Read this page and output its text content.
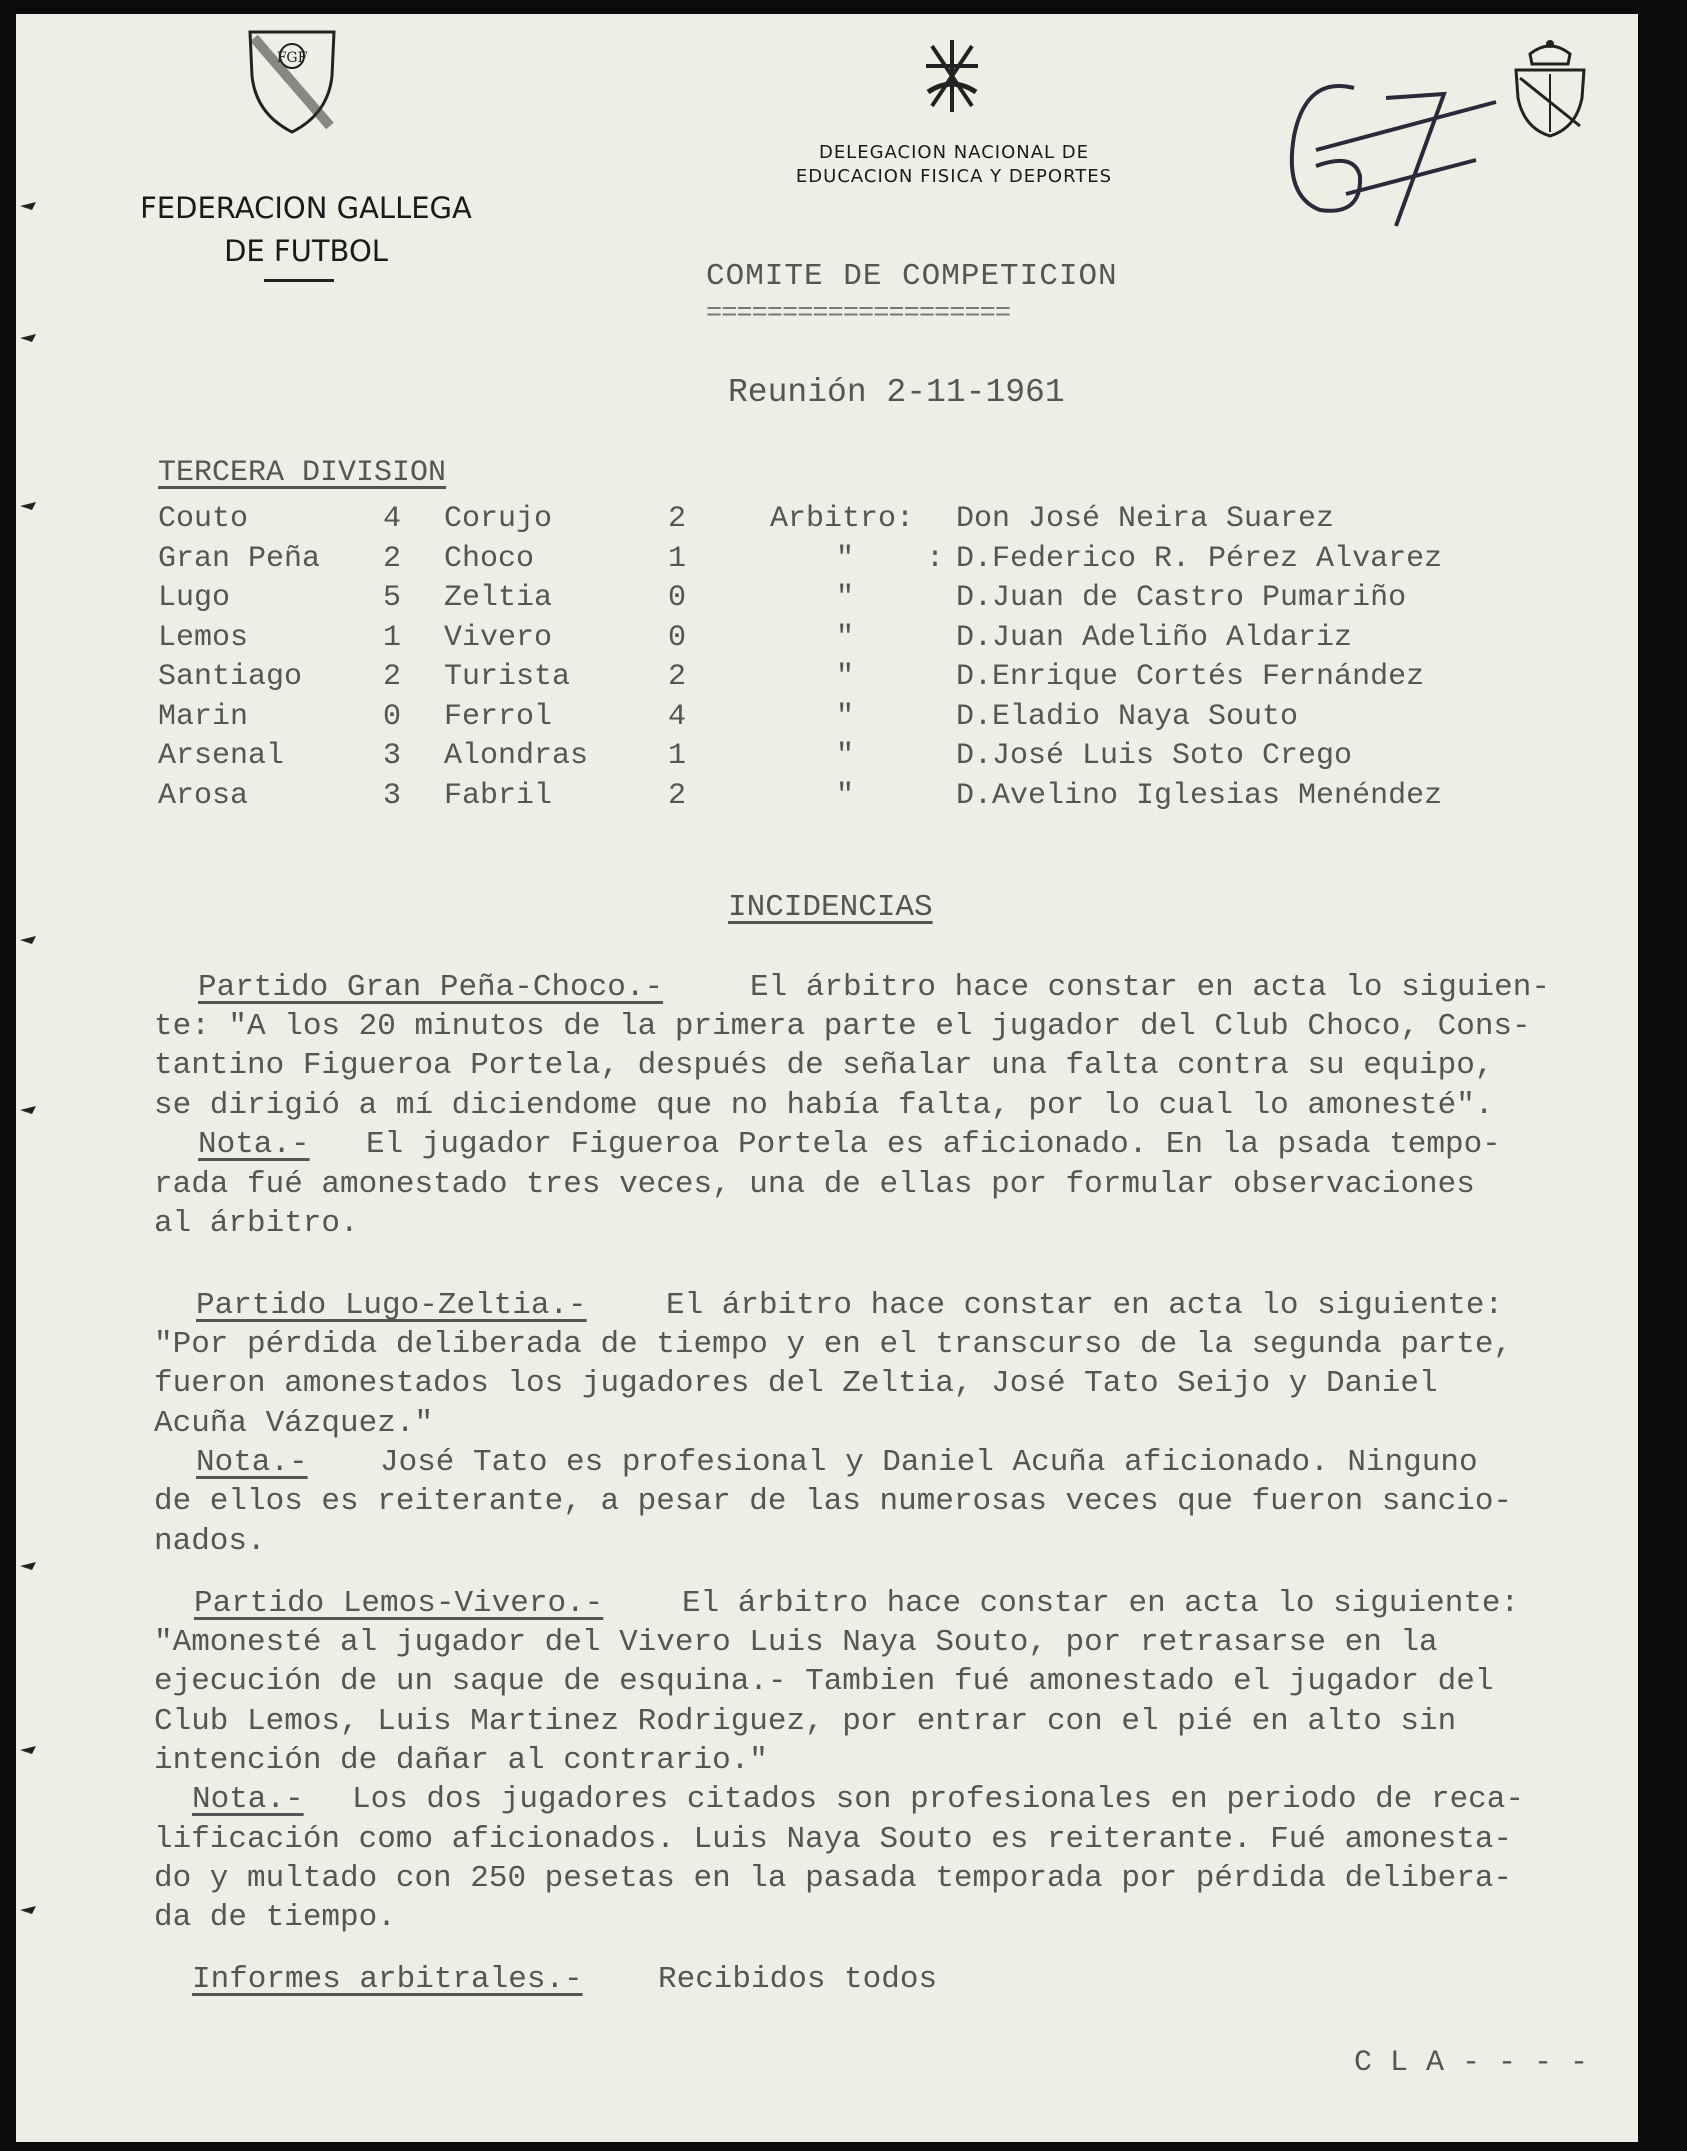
FGF
FEDERACION GALLEGA
DE FUTBOL
DELEGACION NACIONAL DE
EDUCACION FISICA Y DEPORTES
COMITE DE COMPETICION
====================
Reunión 2-11-1961
TERCERA DIVISION
Couto	4 Corujo	2	Arbitro: Don José Neira Suarez
Gran Peña 2 Choco	1	"    : D.Federico R. Pérez Alvarez
Lugo	5 Zeltia	0	"	D.Juan de Castro Pumariño
Lemos	1 Vivero	0	"	D.Juan Adeliño Aldariz
Santiago	2 Turista	2	"	D.Enrique Cortés Fernández
Marin	0 Ferrol	4	"	D.Eladio Naya Souto
Arsenal	3 Alondras	1	"	D.José Luis Soto Crego
Arosa	3 Fabril	2	"	D.Avelino Iglesias Menéndez
INCIDENCIAS
Partido Gran Peña-Choco.-	El árbitro hace constar en acta lo siguien-
te: "A los 20 minutos de la primera parte el jugador del Club Choco, Cons-
tantino Figueroa Portela, después de señalar una falta contra su equipo,
se dirigió a mí diciendome que no había falta, por lo cual lo amonesté".
Nota.- El jugador Figueroa Portela es aficionado. En la psada tempo-
rada fué amonestado tres veces, una de ellas por formular observaciones
al árbitro.
Partido Lugo-Zeltia.-	El árbitro hace constar en acta lo siguiente:
"Por pérdida deliberada de tiempo y en el transcurso de la segunda parte,
fueron amonestados los jugadores del Zeltia, José Tato Seijo y Daniel
Acuña Vázquez."
Nota.- José Tato es profesional y Daniel Acuña aficionado. Ninguno
de ellos es reiterante, a pesar de las numerosas veces que fueron sancio-
nados.
Partido Lemos-Vivero.-	El árbitro hace constar en acta lo siguiente:
"Amonesté al jugador del Vivero Luis Naya Souto, por retrasarse en la
ejecución de un saque de esquina.- Tambien fué amonestado el jugador del
Club Lemos, Luis Martinez Rodriguez, por entrar con el pié en alto sin
intención de dañar al contrario."
Nota.- Los dos jugadores citados son profesionales en periodo de reca-
lificación como aficionados. Luis Naya Souto es reiterante. Fué amonesta-
do y multado con 250 pesetas en la pasada temporada por pérdida delibera-
da de tiempo.
Informes arbitrales.- Recibidos todos
C L A - - - -
